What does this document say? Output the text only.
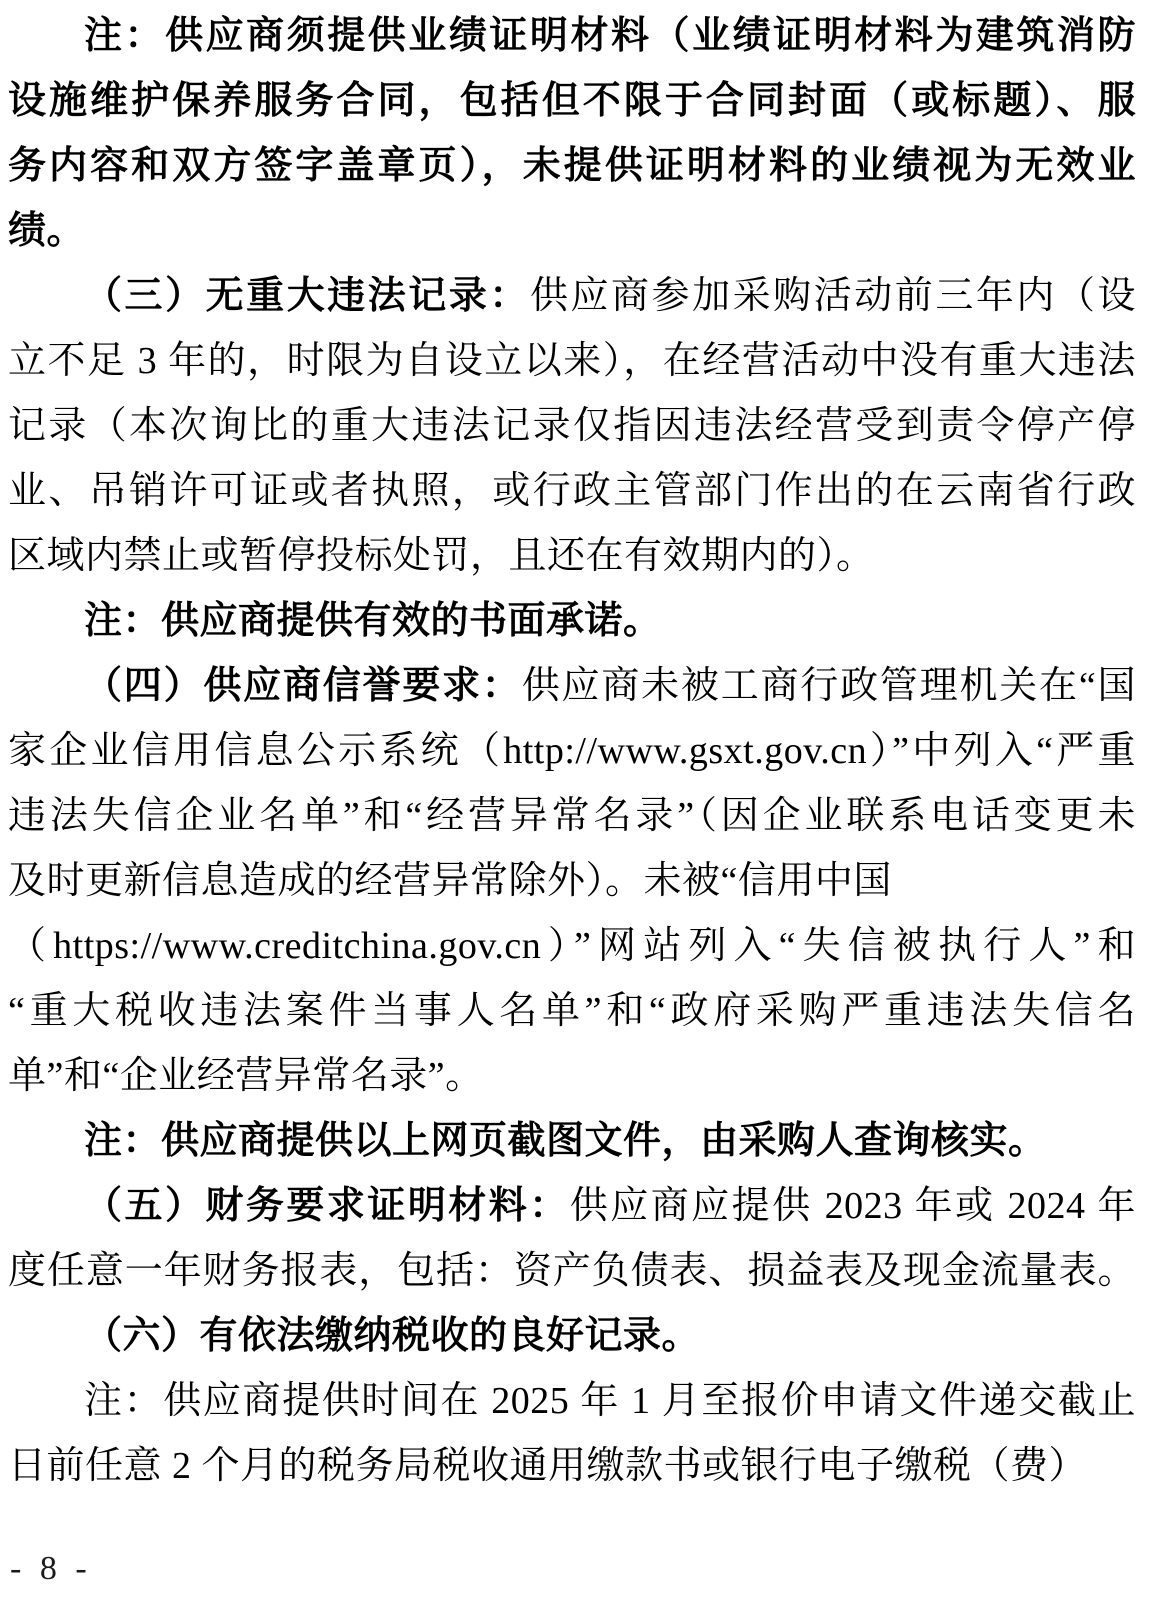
注：供应商须提供业绩证明材料（业绩证明材料为建筑消防
设施维护保养服务合同，包括但不限于合同封面（或标题）、服
务内容和双方签字盖章页），未提供证明材料的业绩视为无效业
绩。
（三）无重大违法记录：供应商参加采购活动前三年内（设
立不足 3 年的，时限为自设立以来），在经营活动中没有重大违法
记录（本次询比的重大违法记录仅指因违法经营受到责令停产停
业、吊销许可证或者执照，或行政主管部门作出的在云南省行政
区域内禁止或暂停投标处罚，且还在有效期内的）。
注：供应商提供有效的书面承诺。
（四）供应商信誉要求：供应商未被工商行政管理机关在“国
家企业信用信息公示系统（http://www.gsxt.gov.cn）”中列入“严重
违法失信企业名单”和“经营异常名录”（因企业联系电话变更未
及时更新信息造成的经营异常除外）。未被“信用中国
（https://www.creditchina.gov.cn）”网站列入“失信被执行人”和
“重大税收违法案件当事人名单”和“政府采购严重违法失信名
单”和“企业经营异常名录”。
注：供应商提供以上网页截图文件，由采购人查询核实。
（五）财务要求证明材料：供应商应提供 2023 年或 2024 年
度任意一年财务报表，包括：资产负债表、损益表及现金流量表。
（六）有依法缴纳税收的良好记录。
注：供应商提供时间在 2025 年 1 月至报价申请文件递交截止
日前任意 2 个月的税务局税收通用缴款书或银行电子缴税（费）
- 8 -
